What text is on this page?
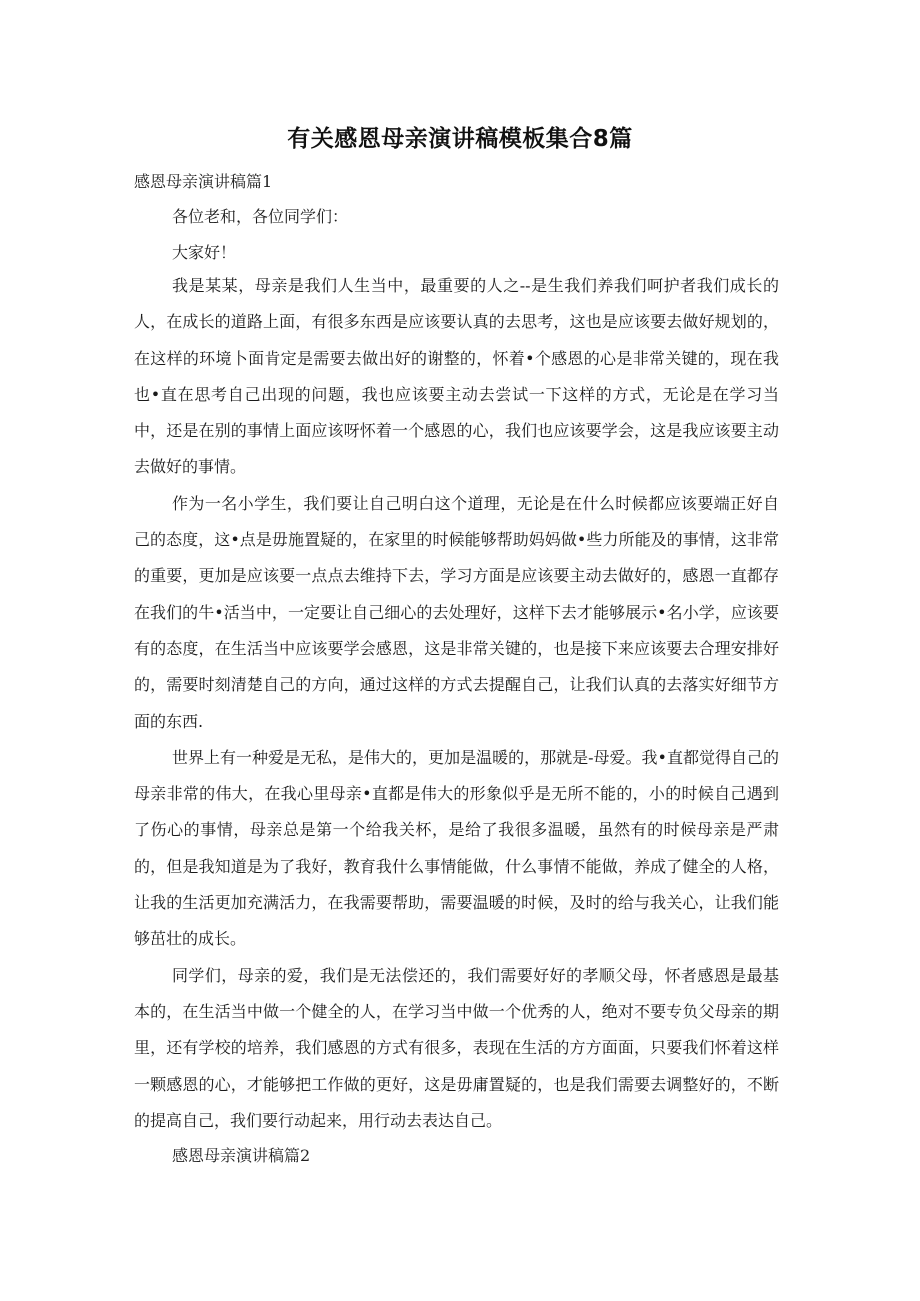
有关感恩母亲演讲稿模板集合8篇
感恩母亲演讲稿篇1
各位老和，各位同学们：
大家好！

我是某某，母亲是我们人生当中，最重要的人之--是生我们养我们呵护者我们成长的人，在成长的道路上面，有很多东西是应该要认真的去思考，这也是应该要去做好规划的，在这样的环境卜面肯定是需要去做出好的谢整的，怀着•个感恩的心是非常关键的，现在我也•直在思考自己出现的问题，我也应该要主动去尝试一下这样的方式，无论是在学习当中，还是在别的事情上面应该呀怀着一个感恩的心，我们也应该要学会，这是我应该要主动去做好的事情。

作为一名小学生，我们要让自己明白这个道理，无论是在什么时候都应该要端正好自己的态度，这•点是毋施置疑的，在家里的时候能够帮助妈妈做•些力所能及的事情，这非常的重要，更加是应该要一点点去维持下去，学习方面是应该要主动去做好的，感恩一直都存在我们的牛•活当中，一定要让自己细心的去处理好，这样下去才能够展示•名小学，应该要有的态度，在生活当中应该要学会感恩，这是非常关键的，也是接下来应该要去合理安排好的，需要时刻清楚自己的方向，通过这样的方式去提醒自己，让我们认真的去落实好细节方面的东西.

世界上有一种爱是无私，是伟大的，更加是温暖的，那就是-母爱。我•直都觉得自己的母亲非常的伟大，在我心里母亲•直都是伟大的形象似乎是无所不能的，小的时候自己遇到了伤心的事情，母亲总是第一个给我关杯，是给了我很多温暖，虽然有的时候母亲是严肃的，但是我知道是为了我好，教育我什么事情能做，什么事情不能做，养成了健全的人格，让我的生活更加充满活力，在我需要帮助，需要温暖的时候，及时的给与我关心，让我们能够茁壮的成长。

同学们，母亲的爱，我们是无法偿还的，我们需要好好的孝顺父母，怀者感恩是最基本的，在生活当中做一个健全的人，在学习当中做一个优秀的人，绝对不要专负父母亲的期里，还有学校的培养，我们感恩的方式有很多，表现在生活的方方面面，只要我们怀着这样一颗感恩的心，才能够把工作做的更好，这是毋庸置疑的，也是我们需要去调整好的，不断的提高自己，我们要行动起来，用行动去表达自己。

感恩母亲演讲稿篇2
